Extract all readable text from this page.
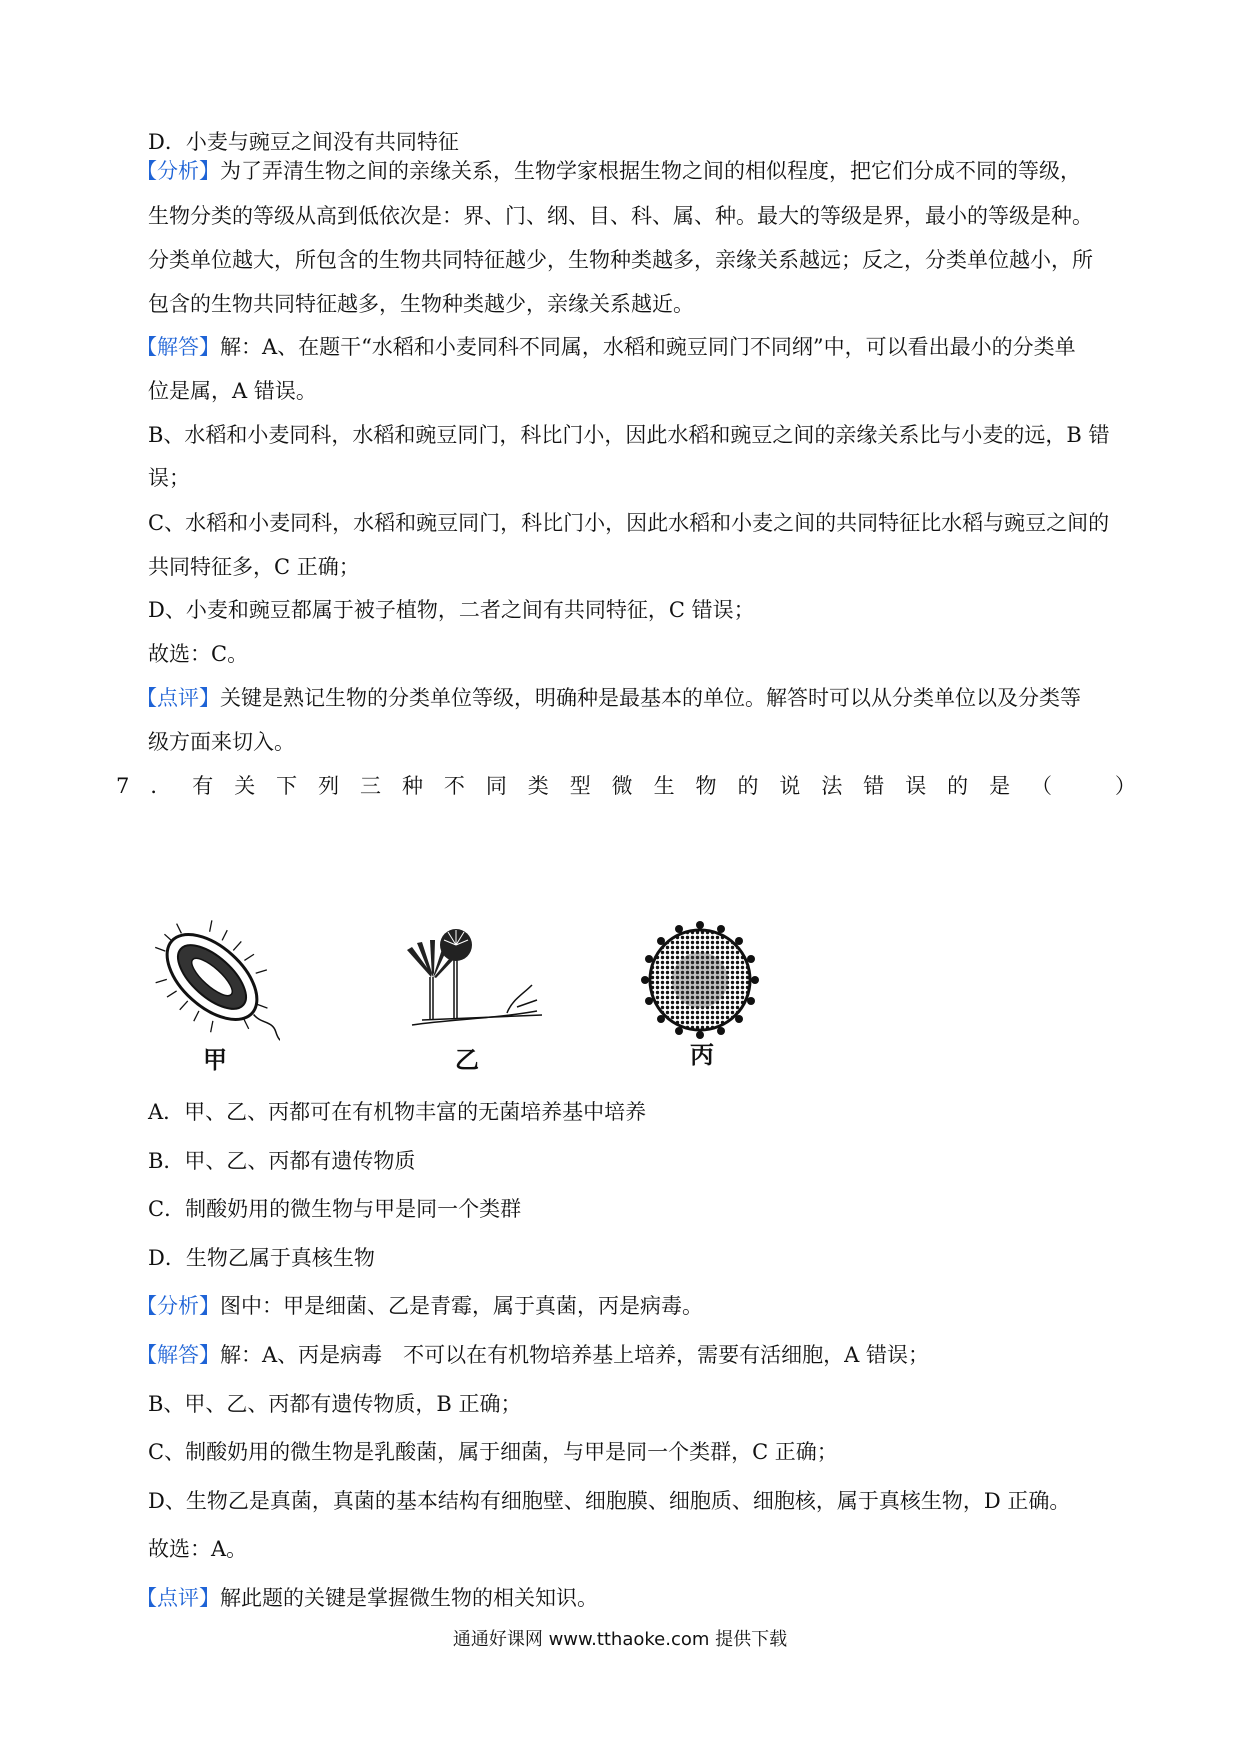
D．小麦与豌豆之间没有共同特征
【分析】为了弄清生物之间的亲缘关系，生物学家根据生物之间的相似程度，把它们分成不同的等级，
生物分类的等级从高到低依次是：界、门、纲、目、科、属、种。最大的等级是界，最小的等级是种。
分类单位越大，所包含的生物共同特征越少，生物种类越多，亲缘关系越远；反之，分类单位越小，所
包含的生物共同特征越多，生物种类越少，亲缘关系越近。
【解答】解：A、在题干“水稻和小麦同科不同属，水稻和豌豆同门不同纲”中，可以看出最小的分类单
位是属，A 错误。
B、水稻和小麦同科，水稻和豌豆同门，科比门小，因此水稻和豌豆之间的亲缘关系比与小麦的远，B 错
误；
C、水稻和小麦同科，水稻和豌豆同门，科比门小，因此水稻和小麦之间的共同特征比水稻与豌豆之间的
共同特征多，C 正确；
D、小麦和豌豆都属于被子植物，二者之间有共同特征，C 错误；
故选：C。
【点评】关键是熟记生物的分类单位等级，明确种是最基本的单位。解答时可以从分类单位以及分类等
级方面来切入。
7 ． 有 关 下 列 三 种 不 同 类 型 微 生 物 的 说 法 错 误 的 是 （	）
甲	乙	丙
A．甲、乙、丙都可在有机物丰富的无菌培养基中培养
B．甲、乙、丙都有遗传物质
C．制酸奶用的微生物与甲是同一个类群
D．生物乙属于真核生物
【分析】图中：甲是细菌、乙是青霉，属于真菌，丙是病毒。
【解答】解：A、丙是病毒　不可以在有机物培养基上培养，需要有活细胞，A 错误；
B、甲、乙、丙都有遗传物质，B 正确；
C、制酸奶用的微生物是乳酸菌，属于细菌，与甲是同一个类群，C 正确；
D、生物乙是真菌，真菌的基本结构有细胞壁、细胞膜、细胞质、细胞核，属于真核生物，D 正确。
故选：A。
【点评】解此题的关键是掌握微生物的相关知识。
通通好课网 www.tthaoke.com 提供下载
